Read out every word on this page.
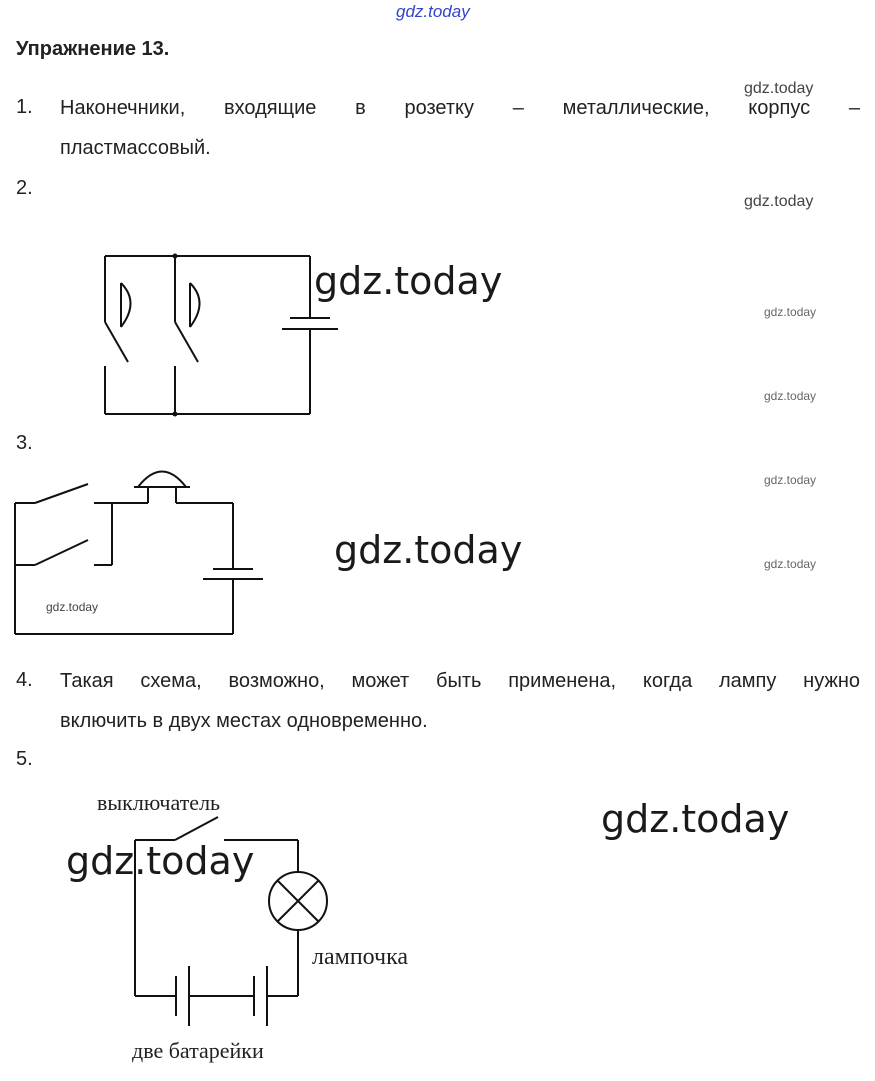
gdz.today
gdz.today
gdz.today
gdz.today
gdz.today
gdz.today
gdz.today
Упражнение 13.
1. Наконечники, входящие в розетку – металлические, корпус –
пластмассовый.
2.
gdz.today
3.
gdz.today
gdz.today
4. Такая схема, возможно, может быть применена, когда лампу нужно
включить в двух местах одновременно.
5.
выключатель
лампочка
две батарейки
gdz.today
gdz.today
